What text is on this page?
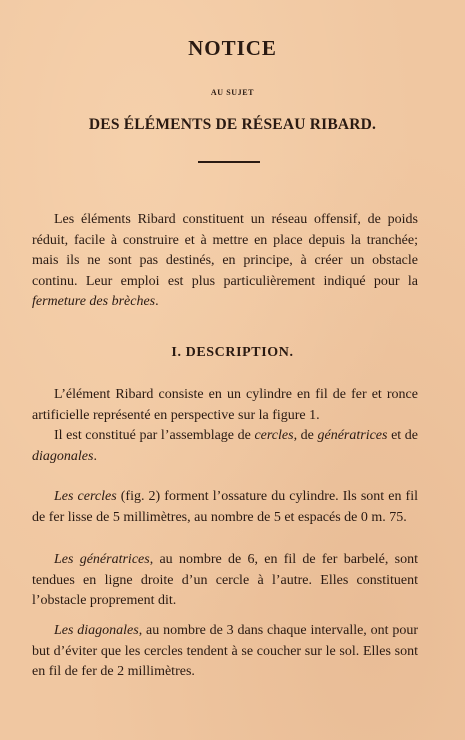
NOTICE
AU SUJET
DES ÉLÉMENTS DE RÉSEAU RIBARD.

Les éléments Ribard constituent un réseau offensif, de poids réduit, facile à construire et à mettre en place depuis la tranchée; mais ils ne sont pas destinés, en principe, à créer un obstacle continu. Leur emploi est plus particulièrement indiqué pour la fermeture des brèches.

I. DESCRIPTION.

L’élément Ribard consiste en un cylindre en fil de fer et ronce artificielle représenté en perspective sur la figure 1.

Il est constitué par l’assemblage de cercles, de génératrices et de diagonales.

Les cercles (fig. 2) forment l’ossature du cylindre. Ils sont en fil de fer lisse de 5 millimètres, au nombre de 5 et espacés de 0 m. 75.

Les génératrices, au nombre de 6, en fil de fer barbelé, sont tendues en ligne droite d’un cercle à l’autre. Elles constituent l’obstacle proprement dit.

Les diagonales, au nombre de 3 dans chaque intervalle, ont pour but d’éviter que les cercles tendent à se coucher sur le sol. Elles sont en fil de fer de 2 millimètres.
